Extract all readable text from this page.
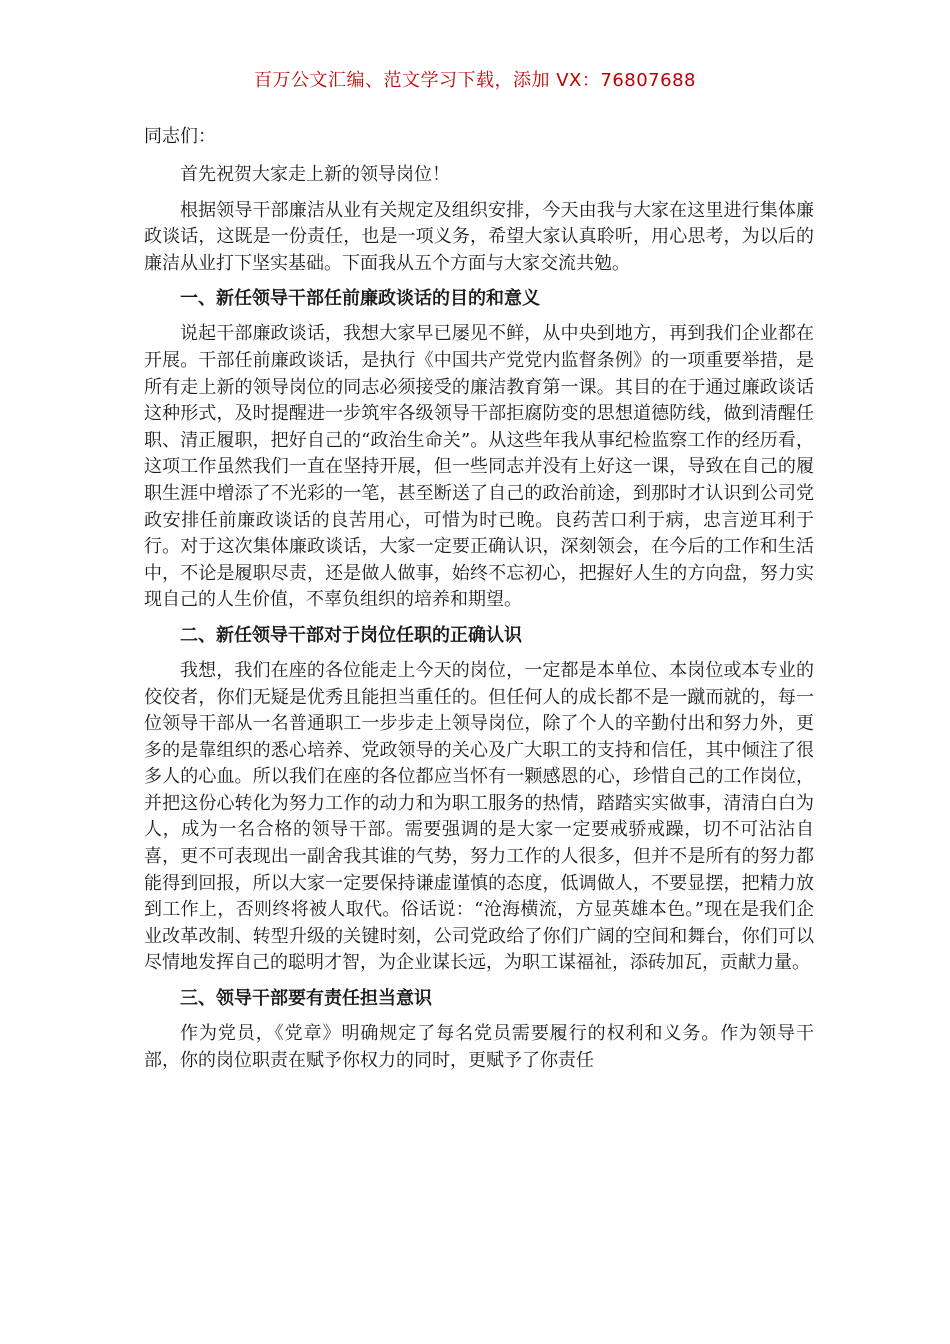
百万公文汇编、范文学习下载，添加 VX：76807688
同志们：

首先祝贺大家走上新的领导岗位！

根据领导干部廉洁从业有关规定及组织安排，今天由我与大家在这里进行集体廉政谈话，这既是一份责任，也是一项义务，希望大家认真聆听，用心思考，为以后的廉洁从业打下坚实基础。下面我从五个方面与大家交流共勉。

一、新任领导干部任前廉政谈话的目的和意义

说起干部廉政谈话，我想大家早已屡见不鲜，从中央到地方，再到我们企业都在开展。干部任前廉政谈话，是执行《中国共产党党内监督条例》的一项重要举措，是所有走上新的领导岗位的同志必须接受的廉洁教育第一课。其目的在于通过廉政谈话这种形式，及时提醒进一步筑牢各级领导干部拒腐防变的思想道德防线，做到清醒任职、清正履职，把好自己的“政治生命关”。从这些年我从事纪检监察工作的经历看，这项工作虽然我们一直在坚持开展，但一些同志并没有上好这一课，导致在自己的履职生涯中增添了不光彩的一笔，甚至断送了自己的政治前途，到那时才认识到公司党政安排任前廉政谈话的良苦用心，可惜为时已晚。良药苦口利于病，忠言逆耳利于行。对于这次集体廉政谈话，大家一定要正确认识，深刻领会，在今后的工作和生活中，不论是履职尽责，还是做人做事，始终不忘初心，把握好人生的方向盘，努力实现自己的人生价值，不辜负组织的培养和期望。

二、新任领导干部对于岗位任职的正确认识

我想，我们在座的各位能走上今天的岗位，一定都是本单位、本岗位或本专业的佼佼者，你们无疑是优秀且能担当重任的。但任何人的成长都不是一蹴而就的，每一位领导干部从一名普通职工一步步走上领导岗位，除了个人的辛勤付出和努力外，更多的是靠组织的悉心培养、党政领导的关心及广大职工的支持和信任，其中倾注了很多人的心血。所以我们在座的各位都应当怀有一颗感恩的心，珍惜自己的工作岗位，并把这份心转化为努力工作的动力和为职工服务的热情，踏踏实实做事，清清白白为人，成为一名合格的领导干部。需要强调的是大家一定要戒骄戒躁，切不可沾沾自喜，更不可表现出一副舍我其谁的气势，努力工作的人很多，但并不是所有的努力都能得到回报，所以大家一定要保持谦虚谨慎的态度，低调做人，不要显摆，把精力放到工作上，否则终将被人取代。俗话说：“沧海横流，方显英雄本色。”现在是我们企业改革改制、转型升级的关键时刻，公司党政给了你们广阔的空间和舞台，你们可以尽情地发挥自己的聪明才智，为企业谋长远，为职工谋福祉，添砖加瓦，贡献力量。

三、领导干部要有责任担当意识

作为党员，《党章》明确规定了每名党员需要履行的权利和义务。作为领导干部，你的岗位职责在赋予你权力的同时，更赋予了你责任
